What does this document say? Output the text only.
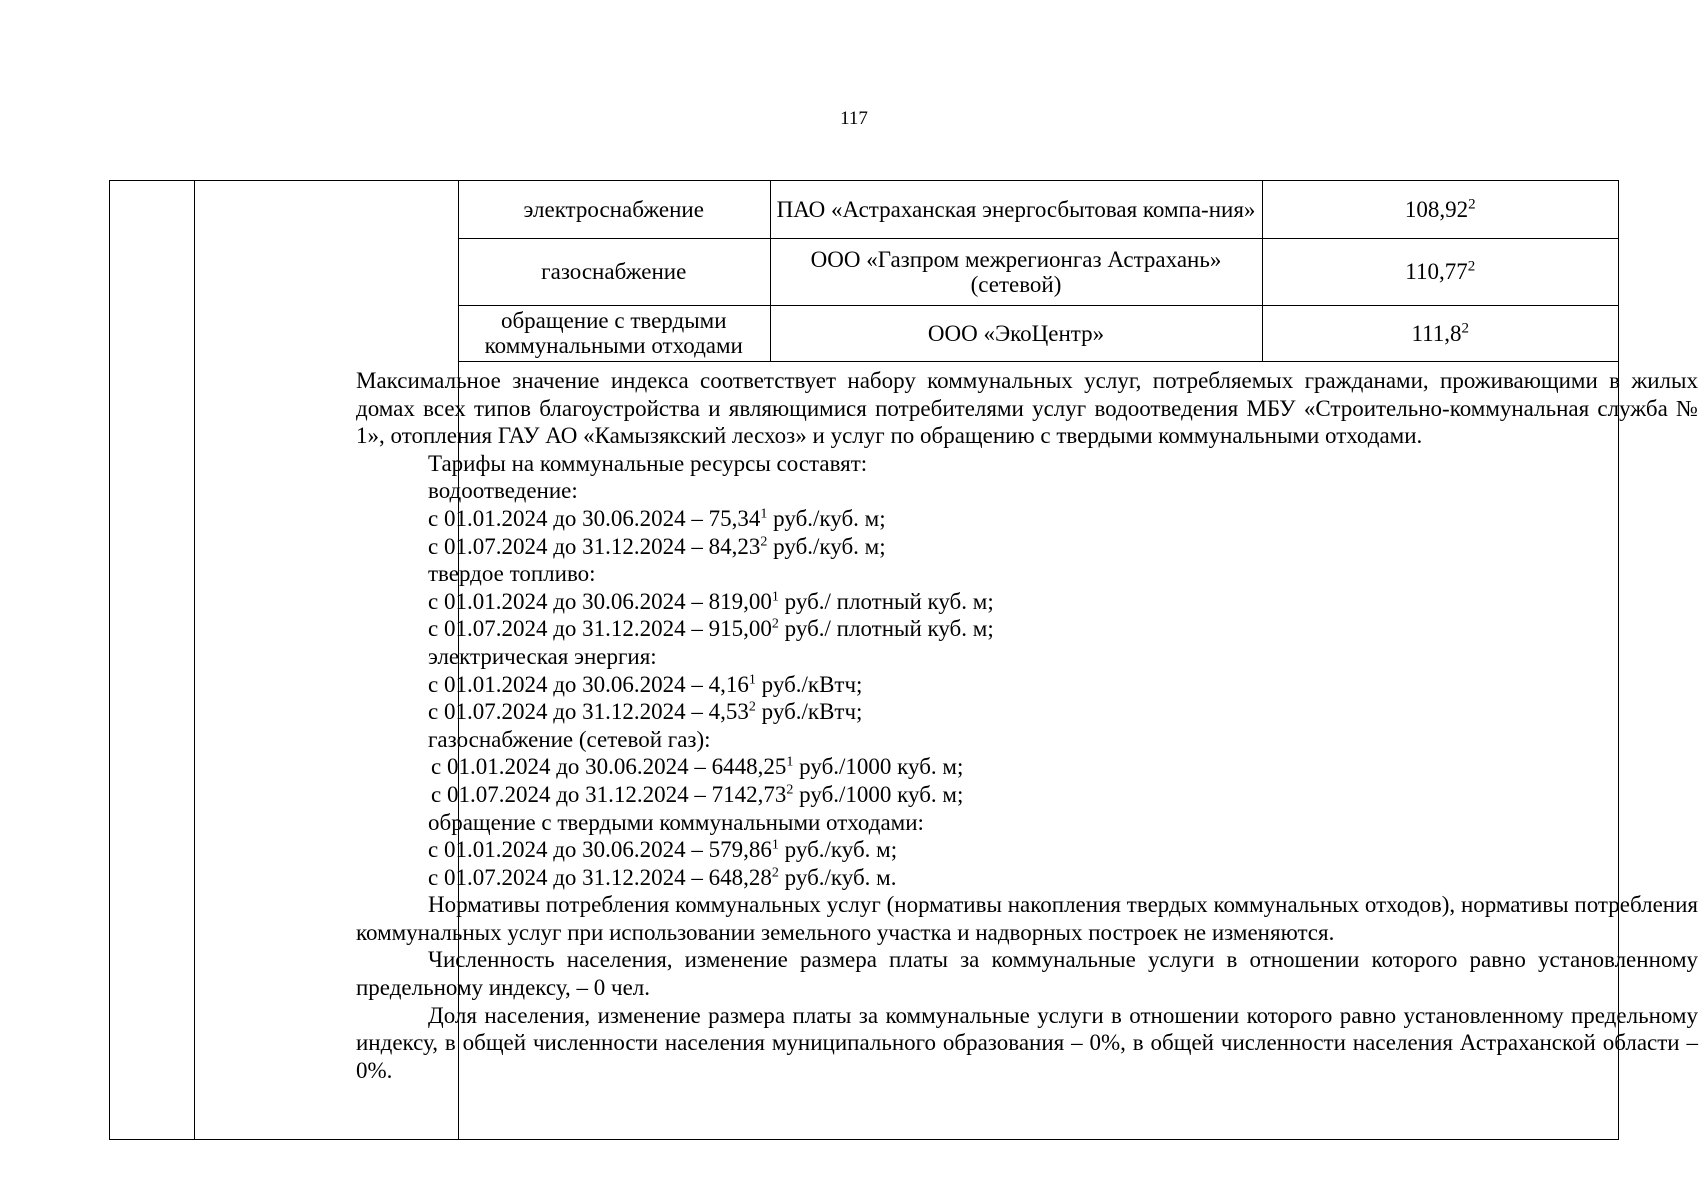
117
электроснабжение	ПАО «Астраханская энергосбытовая компа-ния»	108,92$^2$
газоснабжение	ООО «Газпром межрегионгаз Астрахань» (сетевой)	110,77$^2$
обращение с твердыми коммунальными отходами	ООО «ЭкоЦентр»	111,8$^2$

Максимальное значение индекса соответствует набору коммунальных услуг, потребляемых гражданами, проживающими в жилых домах всех типов благоустройства и являющимися потребителями услуг водоотведения МБУ «Строительно-коммунальная служба № 1», отопления ГАУ АО «Камызякский лесхоз» и услуг по обращению с твердыми коммунальными отходами.

Тарифы на коммунальные ресурсы составят:

водоотведение:

с 01.01.2024 до 30.06.2024 – 75,34$^1$ руб./куб. м;

с 01.07.2024 до 31.12.2024 – 84,23$^2$ руб./куб. м;

твердое топливо:

с 01.01.2024 до 30.06.2024 – 819,00$^1$ руб./ плотный куб. м;

с 01.07.2024 до 31.12.2024 – 915,00$^2$ руб./ плотный куб. м;

электрическая энергия:

с 01.01.2024 до 30.06.2024 – 4,16$^1$ руб./кВтч;

с 01.07.2024 до 31.12.2024 – 4,53$^2$ руб./кВтч;

газоснабжение (сетевой газ):

с 01.01.2024 до 30.06.2024 – 6448,25$^1$ руб./1000 куб. м;

с 01.07.2024 до 31.12.2024 – 7142,73$^2$ руб./1000 куб. м;

обращение с твердыми коммунальными отходами:

с 01.01.2024 до 30.06.2024 – 579,86$^1$ руб./куб. м;

с 01.07.2024 до 31.12.2024 – 648,28$^2$ руб./куб. м.

Нормативы потребления коммунальных услуг (нормативы накопления твердых коммунальных отходов), нормативы потребления коммунальных услуг при использовании земельного участка и надворных построек не изменяются.

Численность населения, изменение размера платы за коммунальные услуги в отношении которого равно установленному предельному индексу, – 0 чел.

Доля населения, изменение размера платы за коммунальные услуги в отношении которого равно установленному предельному индексу, в общей численности населения муниципального образования – 0%, в общей численности населения Астраханской области – 0%.
